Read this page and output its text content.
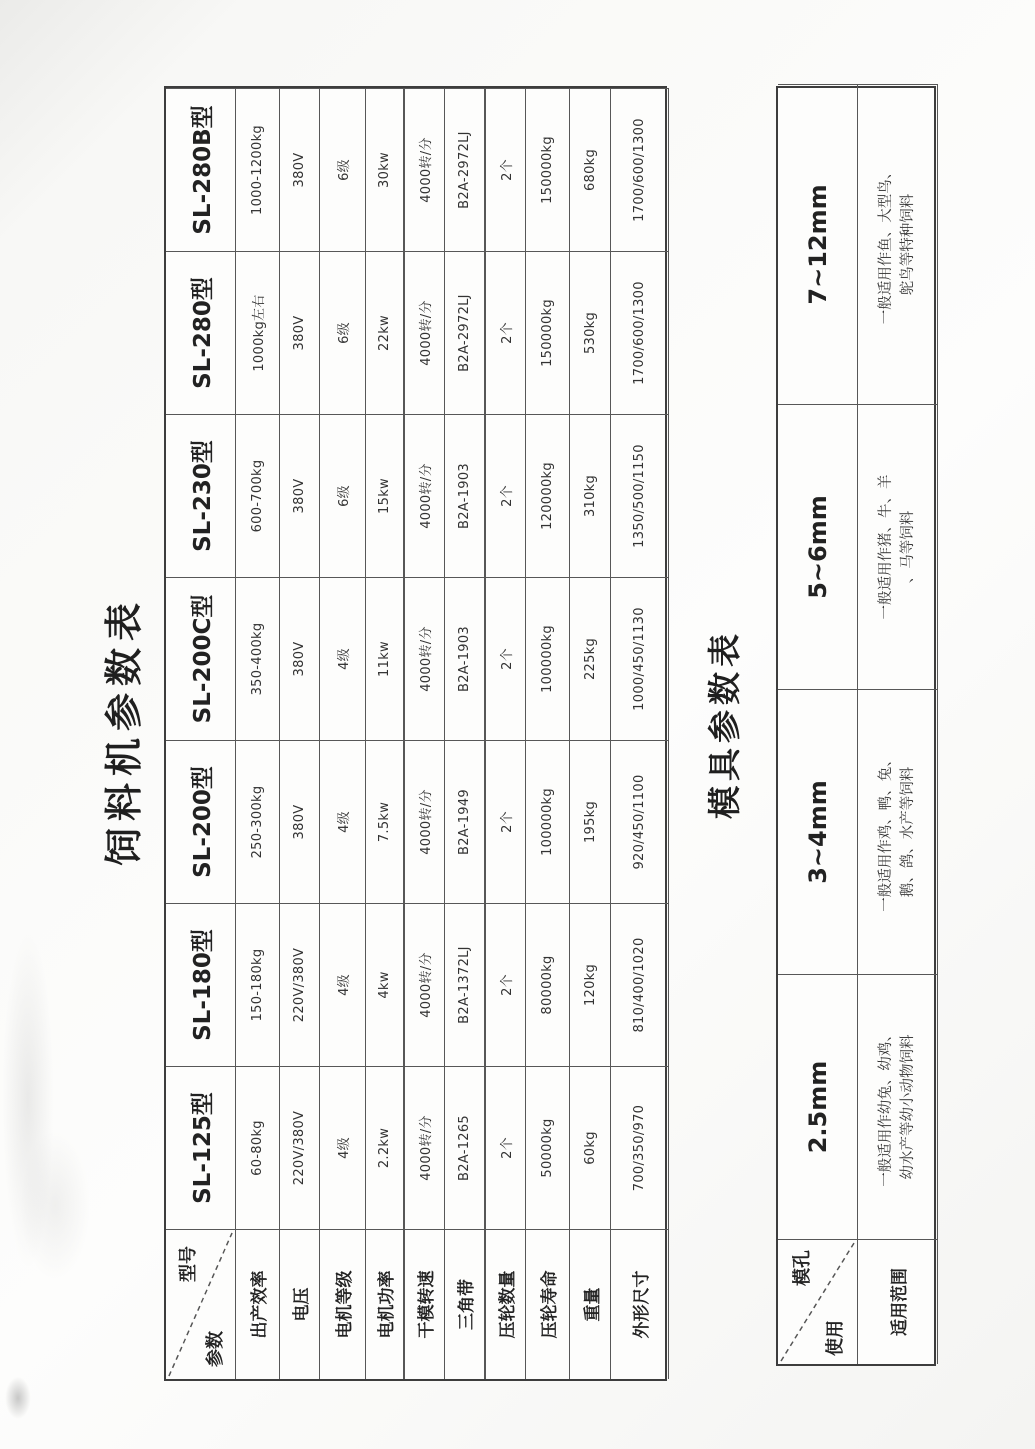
饲料机参数表	模具参数表
型号
参数
SL-125型
SL-180型
SL-200型
SL-200C型
SL-230型
SL-280型
SL-280B型
出产效率
60-80kg
150-180kg
250-300kg
350-400kg
600-700kg
1000kg左右
1000-1200kg
电压
220V/380V
220V/380V
380V
380V
380V
380V
380V
电机等级
4级
4级
4级
4级
6级
6级
6级
电机功率
2.2kw
4kw
7.5kw
11kw
15kw
22kw
30kw
干模转速
4000转/分
4000转/分
4000转/分
4000转/分
4000转/分
4000转/分
4000转/分
三角带
B2A-1265
B2A-1372LJ
B2A-1949
B2A-1903
B2A-1903
B2A-2972LJ
B2A-2972LJ
压轮数量
2个
2个
2个
2个
2个
2个
2个
压轮寿命
50000kg
80000kg
100000kg
100000kg
120000kg
150000kg
150000kg
重量
60kg
120kg
195kg
225kg
310kg
530kg
680kg
外形尺寸
700/350/970
810/400/1020
920/450/1100
1000/450/1130
1350/500/1150
1700/600/1300
1700/600/1300
模孔
使用
2.5mm
3~4mm
5~6mm
7~12mm
适用范围
一般适用作幼兔、幼鸡、 幼水产等幼小动物饲料
一般适用作鸡、鸭、兔、 鹅、鸽、水产等饲料
一般适用作猪、牛、羊 、马等饲料
一般适用作鱼、大型鸟、 鸵鸟等特种饲料
